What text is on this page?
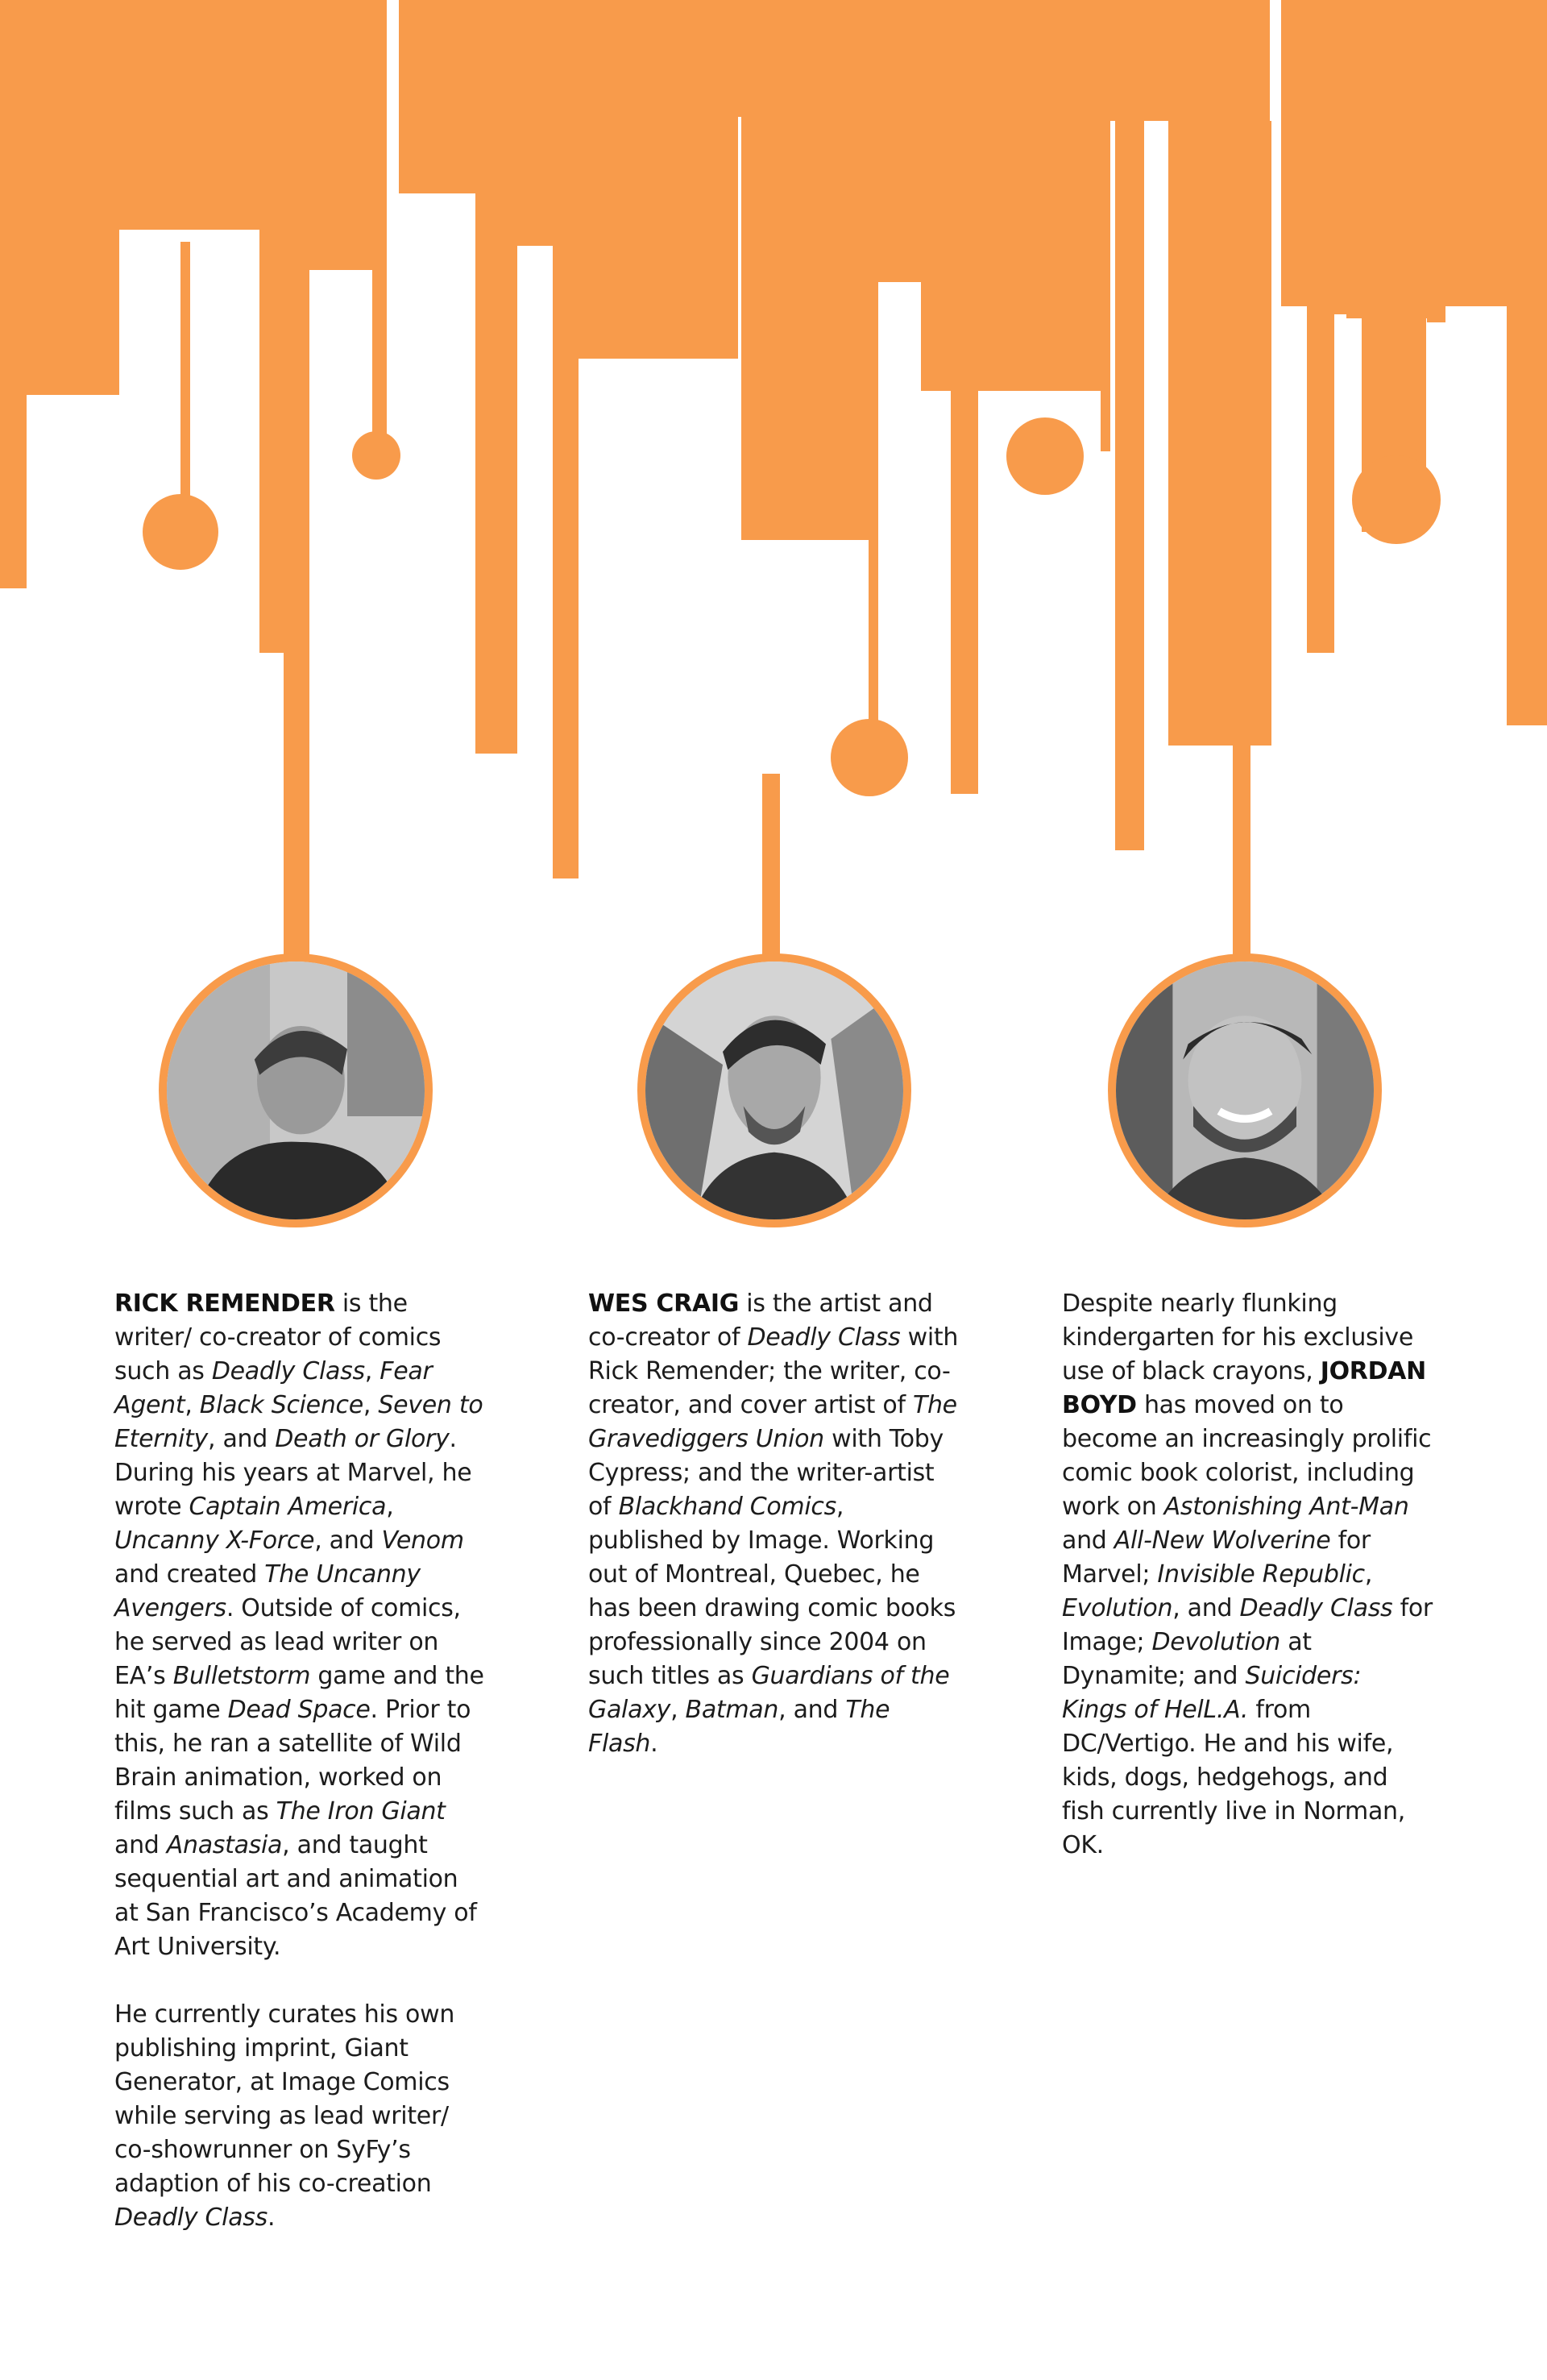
RICK REMENDER is the writer/ co-creator of comics such as Deadly Class, Fear Agent, Black Science, Seven to Eternity, and Death or Glory. During his years at Marvel, he wrote Captain America, Uncanny X-Force, and Venom and created The Uncanny Avengers. Outside of comics, he served as lead writer on EA’s Bulletstorm game and the hit game Dead Space. Prior to this, he ran a satellite of Wild Brain animation, worked on films such as The Iron Giant and Anastasia, and taught sequential art and animation at San Francisco’s Academy of Art University.

He currently curates his own publishing imprint, Giant Generator, at Image Comics while serving as lead writer/ co-showrunner on SyFy’s adaption of his co-creation Deadly Class.

WES CRAIG is the artist and co-creator of Deadly Class with Rick Remender; the writer, co-creator, and cover artist of The Gravediggers Union with Toby Cypress; and the writer-artist of Blackhand Comics, published by Image. Working out of Montreal, Quebec, he has been drawing comic books professionally since 2004 on such titles as Guardians of the Galaxy, Batman, and The Flash.

Despite nearly flunking kindergarten for his exclusive use of black crayons, JORDAN BOYD has moved on to become an increasingly prolific comic book colorist, including work on Astonishing Ant-Man and All-New Wolverine for Marvel; Invisible Republic, Evolution, and Deadly Class for Image; Devolution at Dynamite; and Suiciders: Kings of HelL.A. from DC/Vertigo. He and his wife, kids, dogs, hedgehogs, and fish currently live in Norman, OK.
